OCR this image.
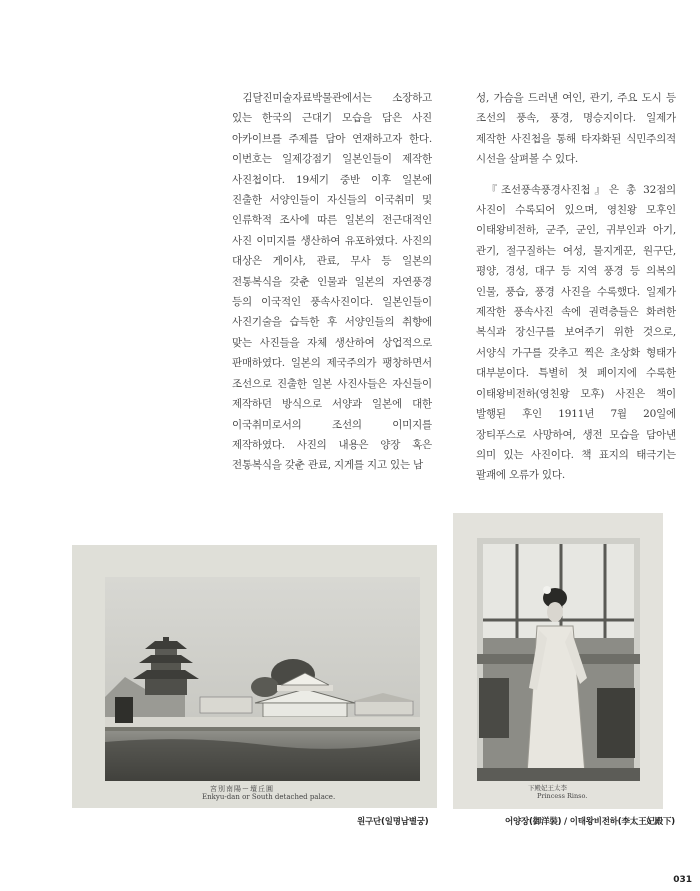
김달진미술자료박물관에서는 소장하고 있는 한국의 근대기 모습을 담은 사진 아카이브를 주제를 담아 연재하고자 한다. 이번호는 일제강점기 일본인들이 제작한 사진첩이다. 19세기 중반 이후 일본에 진출한 서양인들이 자신들의 이국취미 및 인류학적 조사에 따른 일본의 전근대적인 사진 이미지를 생산하여 유포하였다. 사진의 대상은 게이샤, 관료, 무사 등 일본의 전통복식을 갖춘 인물과 일본의 자연풍경 등의 이국적인 풍속사진이다. 일본인들이 사진기술을 습득한 후 서양인들의 취향에 맞는 사진들을 자체 생산하여 상업적으로 판매하였다. 일본의 제국주의가 팽창하면서 조선으로 진출한 일본 사진사들은 자신들이 제작하던 방식으로 서양과 일본에 대한 이국취미로서의 조선의 이미지를 제작하였다. 사진의 내용은 양장 혹은 전통복식을 갖춘 관료, 지게를 지고 있는 남

성, 가슴을 드러낸 여인, 관기, 주요 도시 등 조선의 풍속, 풍경, 명승지이다. 일제가 제작한 사진첩을 통해 타자화된 식민주의적 시선을 살펴볼 수 있다.

『조선풍속풍경사진첩』은 총 32점의 사진이 수록되어 있으며, 영친왕 모후인 이태왕비전하, 군주, 군인, 귀부인과 아기, 관기, 절구질하는 여성, 물지게꾼, 원구단, 평양, 경성, 대구 등 지역 풍경 등 의복의 인물, 풍습, 풍경 사진을 수록했다. 일제가 제작한 풍속사진 속에 권력층들은 화려한 복식과 장신구를 보여주기 위한 것으로, 서양식 가구를 갖추고 찍은 초상화 형태가 대부분이다. 특별히 첫 페이지에 수록한 이태왕비전하(영친왕 모후) 사진은 책이 발행된 후인 1911년 7월 20일에 장티푸스로 사망하여, 생전 모습을 담아낸 의미 있는 사진이다. 책 표지의 태극기는 팔괘에 오류가 있다.

宮別南陽ー壇丘圓
Enkyu-dan or South detached palace.
下殿妃王太李
Princess Rinso.
원구단(일명남별궁)	어양장(御洋裝) / 이태왕비전하(李太王妃殿下)
031
